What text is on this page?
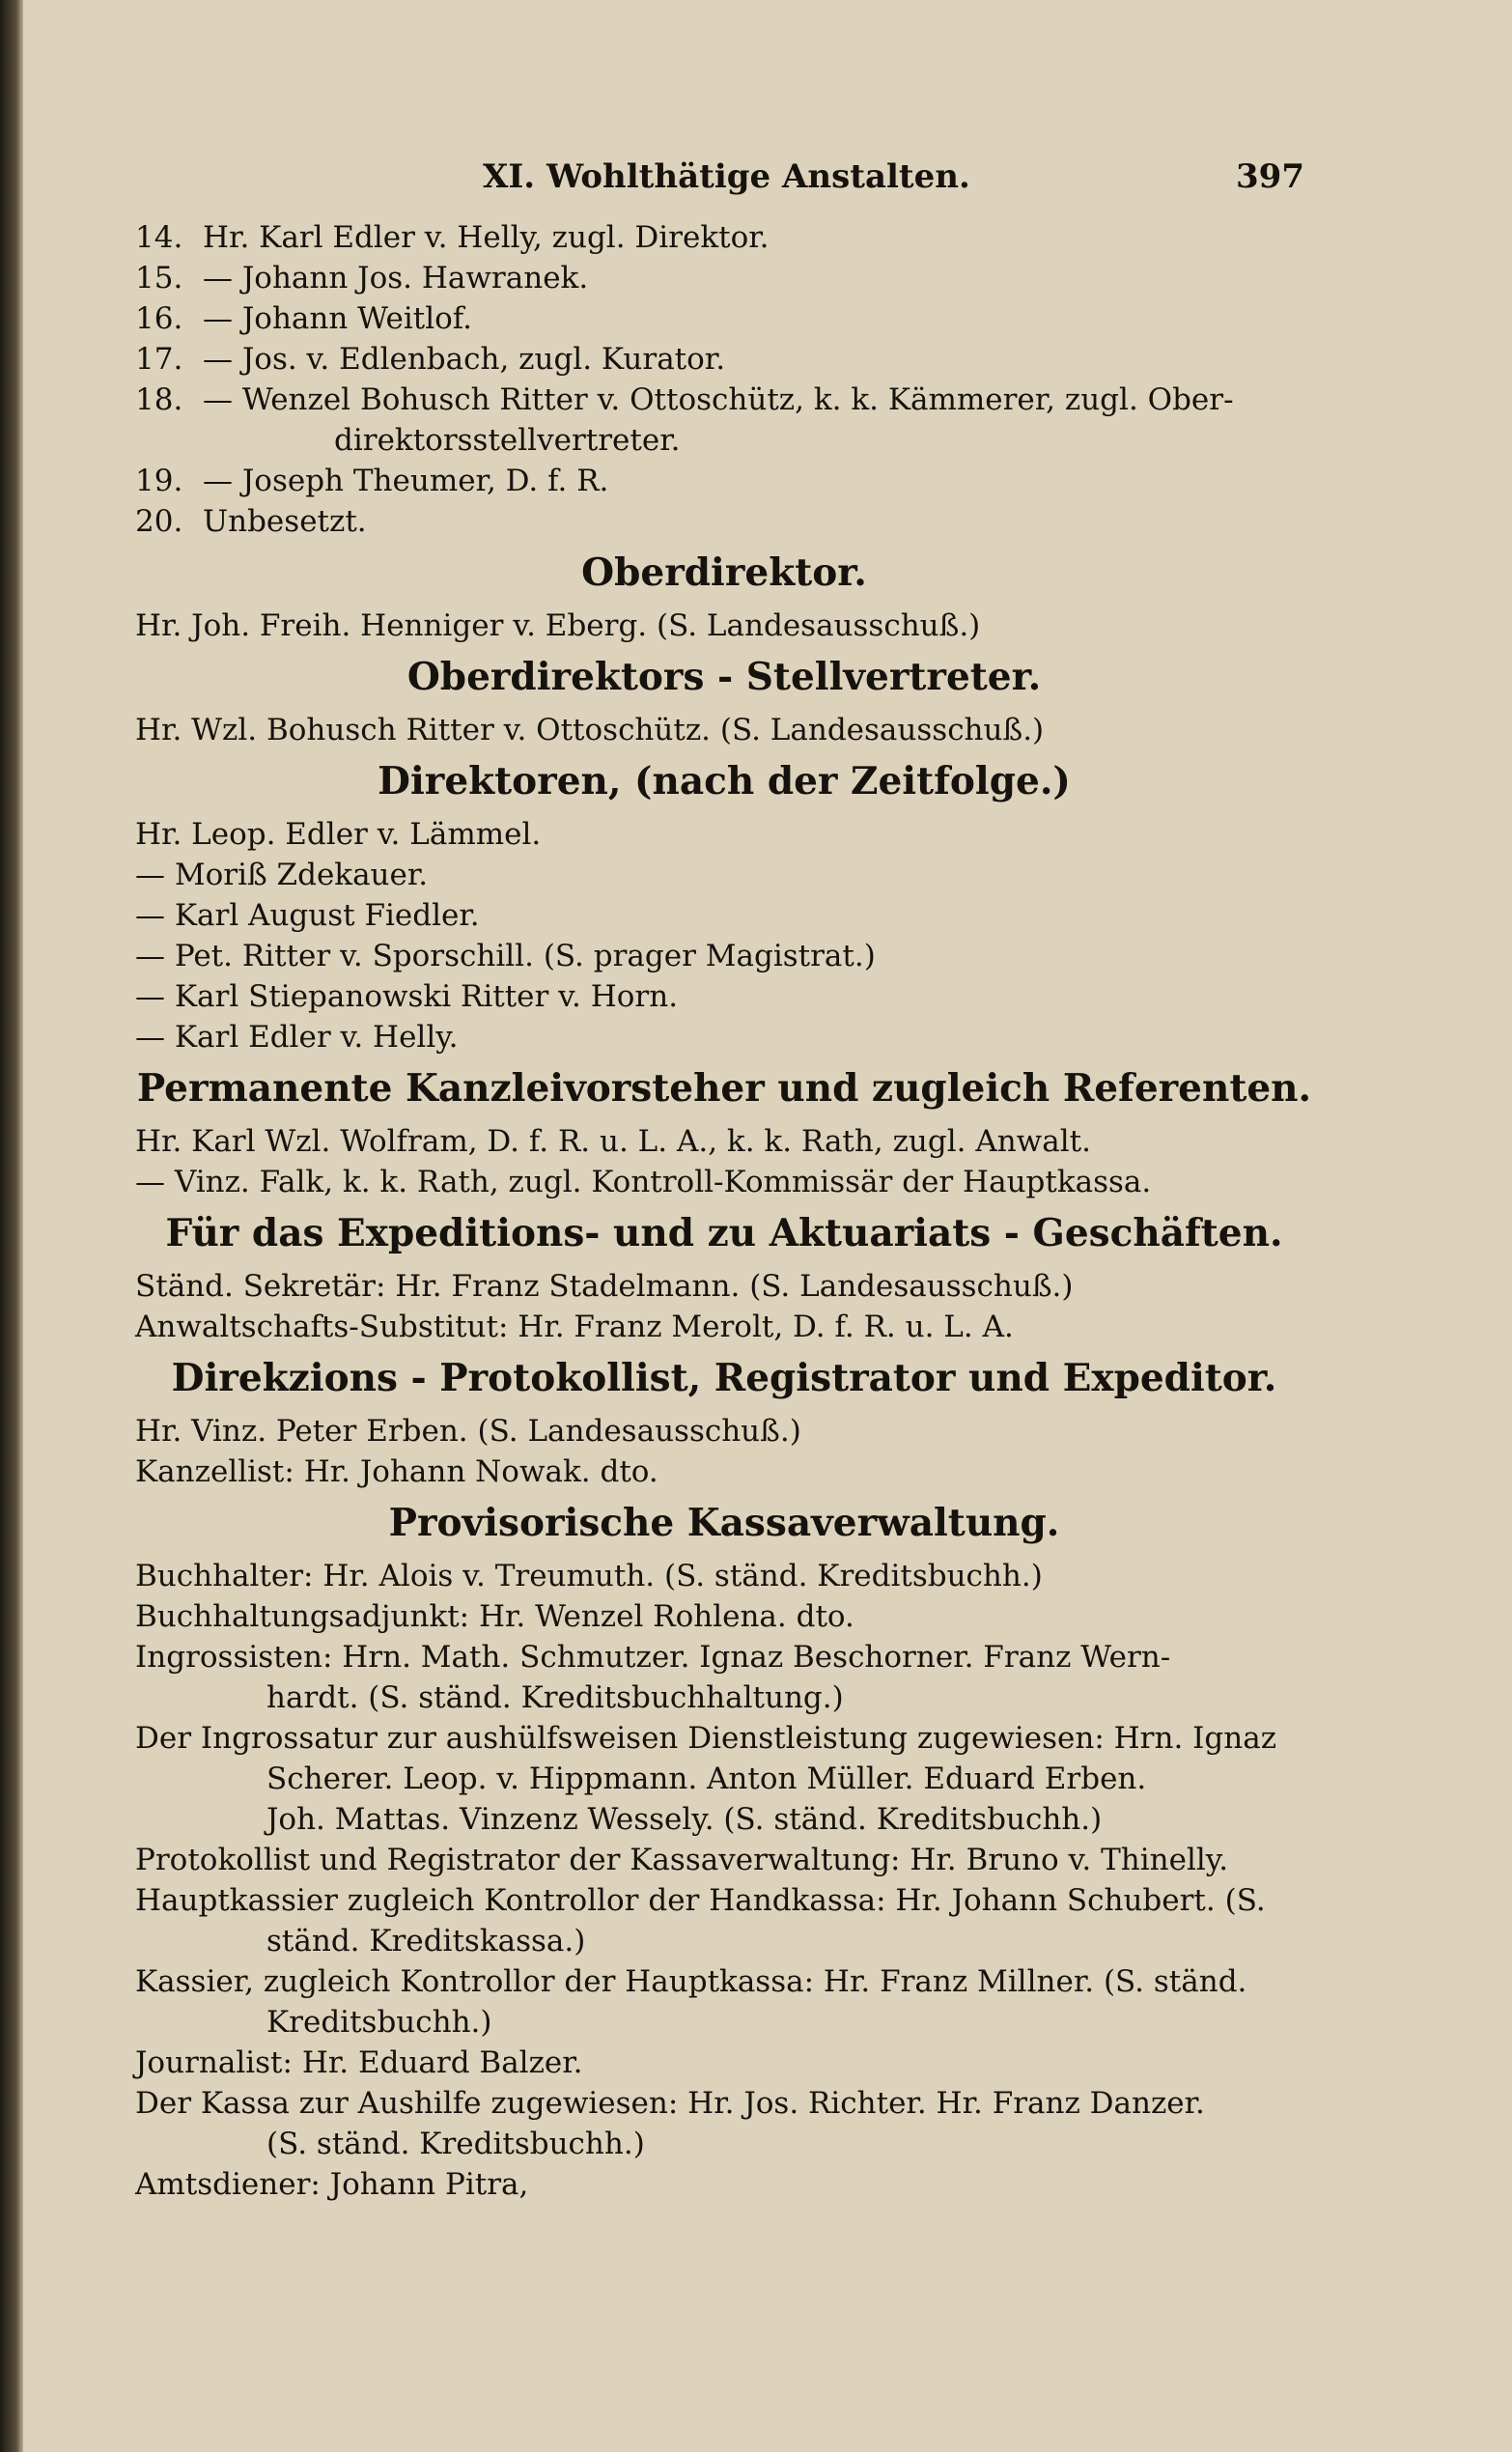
XI. Wohlthätige Anstalten.	397

14. Hr. Karl Edler v. Helly, zugl. Direktor.

15. — Johann Jos. Hawranek.

16. — Johann Weitlof.

17. — Jos. v. Edlenbach, zugl. Kurator.

18. — Wenzel Bohusch Ritter v. Ottoschütz, k. k. Kämmerer, zugl. Ober-

direktorsstellvertreter.

19. — Joseph Theumer, D. f. R.

20. Unbesetzt.

Oberdirektor.

Hr. Joh. Freih. Henniger v. Eberg. (S. Landesausschuß.)

Oberdirektors - Stellvertreter.

Hr. Wzl. Bohusch Ritter v. Ottoschütz. (S. Landesausschuß.)

Direktoren, (nach der Zeitfolge.)

Hr. Leop. Edler v. Lämmel.

— Moriß Zdekauer.

— Karl August Fiedler.

— Pet. Ritter v. Sporschill. (S. prager Magistrat.)

— Karl Stiepanowski Ritter v. Horn.

— Karl Edler v. Helly.

Permanente Kanzleivorsteher und zugleich Referenten.

Hr. Karl Wzl. Wolfram, D. f. R. u. L. A., k. k. Rath, zugl. Anwalt.

— Vinz. Falk, k. k. Rath, zugl. Kontroll-Kommissär der Hauptkassa.

Für das Expeditions- und zu Aktuariats - Geschäften.

Ständ. Sekretär: Hr. Franz Stadelmann. (S. Landesausschuß.)

Anwaltschafts-Substitut: Hr. Franz Merolt, D. f. R. u. L. A.

Direkzions - Protokollist, Registrator und Expeditor.

Hr. Vinz. Peter Erben. (S. Landesausschuß.)

Kanzellist: Hr. Johann Nowak. dto.

Provisorische Kassaverwaltung.

Buchhalter: Hr. Alois v. Treumuth. (S. ständ. Kreditsbuchh.)

Buchhaltungsadjunkt: Hr. Wenzel Rohlena. dto.

Ingrossisten: Hrn. Math. Schmutzer. Ignaz Beschorner. Franz Wern-

hardt. (S. ständ. Kreditsbuchhaltung.)

Der Ingrossatur zur aushülfsweisen Dienstleistung zugewiesen: Hrn. Ignaz

Scherer. Leop. v. Hippmann. Anton Müller. Eduard Erben.

Joh. Mattas. Vinzenz Wessely. (S. ständ. Kreditsbuchh.)

Protokollist und Registrator der Kassaverwaltung: Hr. Bruno v. Thinelly.

Hauptkassier zugleich Kontrollor der Handkassa: Hr. Johann Schubert. (S.

ständ. Kreditskassa.)

Kassier, zugleich Kontrollor der Hauptkassa: Hr. Franz Millner. (S. ständ.

Kreditsbuchh.)

Journalist: Hr. Eduard Balzer.

Der Kassa zur Aushilfe zugewiesen: Hr. Jos. Richter. Hr. Franz Danzer.

(S. ständ. Kreditsbuchh.)

Amtsdiener: Johann Pitra,
